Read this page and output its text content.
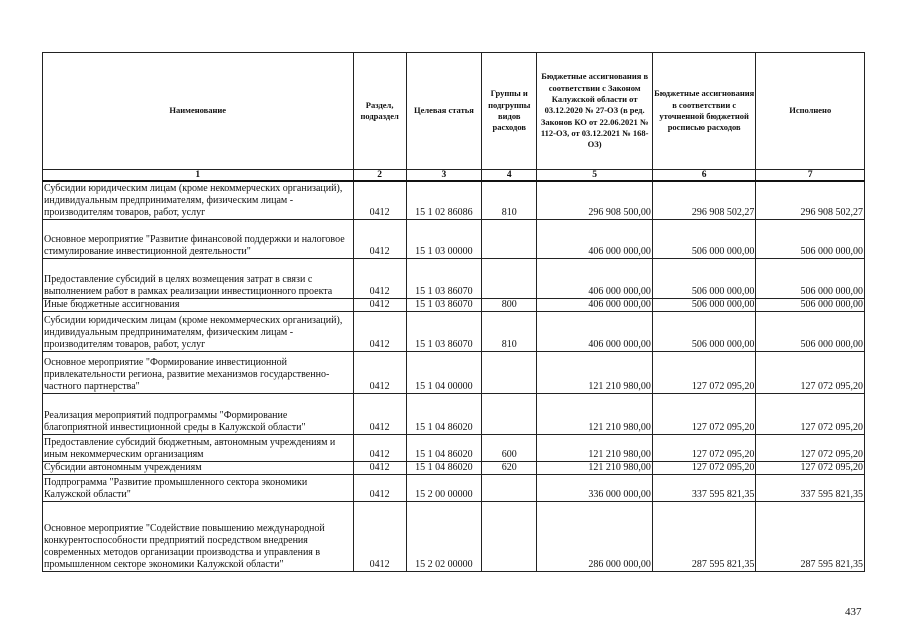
Наименование	Раздел, подраздел	Целевая статья	Группы и подгруппы видов расходов	Бюджетные ассигнования в соответствии с Законом Калужской области от 03.12.2020 № 27-ОЗ (в ред. Законов КО от 22.06.2021 № 112-ОЗ, от 03.12.2021 № 168-ОЗ)	Бюджетные ассигнования в соответствии с уточненной бюджетной росписью расходов	Исполнено
1	2	3	4	5	6	7
Субсидии юридическим лицам (кроме некоммерческих организаций), индивидуальным предпринимателям, физическим лицам - производителям товаров, работ, услуг	0412	15 1 02 86086	810	296 908 500,00	296 908 502,27	296 908 502,27
Основное мероприятие "Развитие финансовой поддержки и налоговое стимулирование инвестиционной деятельности"	0412	15 1 03 00000		406 000 000,00	506 000 000,00	506 000 000,00
Предоставление субсидий в целях возмещения затрат в связи с выполнением работ в рамках реализации инвестиционного проекта	0412	15 1 03 86070		406 000 000,00	506 000 000,00	506 000 000,00
Иные бюджетные ассигнования	0412	15 1 03 86070	800	406 000 000,00	506 000 000,00	506 000 000,00
Субсидии юридическим лицам (кроме некоммерческих организаций), индивидуальным предпринимателям, физическим лицам - производителям товаров, работ, услуг	0412	15 1 03 86070	810	406 000 000,00	506 000 000,00	506 000 000,00
Основное мероприятие "Формирование инвестиционной привлекательности региона, развитие механизмов государственно-частного партнерства"	0412	15 1 04 00000		121 210 980,00	127 072 095,20	127 072 095,20
Реализация мероприятий подпрограммы "Формирование благоприятной инвестиционной среды в Калужской области"	0412	15 1 04 86020		121 210 980,00	127 072 095,20	127 072 095,20
Предоставление субсидий бюджетным, автономным учреждениям и иным некоммерческим организациям	0412	15 1 04 86020	600	121 210 980,00	127 072 095,20	127 072 095,20
Субсидии автономным учреждениям	0412	15 1 04 86020	620	121 210 980,00	127 072 095,20	127 072 095,20
Подпрограмма "Развитие промышленного сектора экономики Калужской области"	0412	15 2 00 00000		336 000 000,00	337 595 821,35	337 595 821,35
Основное мероприятие "Содействие повышению международной конкурентоспособности предприятий посредством внедрения современных методов организации производства и управления в промышленном секторе экономики Калужской области"	0412	15 2 02 00000		286 000 000,00	287 595 821,35	287 595 821,35
437
